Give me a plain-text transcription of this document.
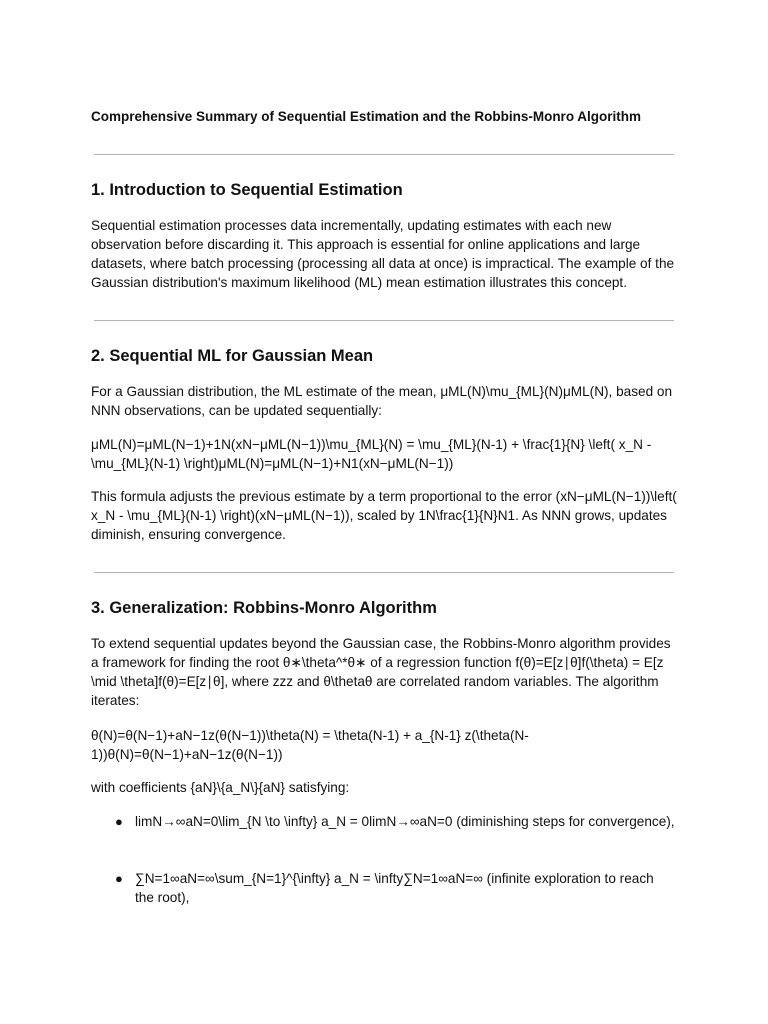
Comprehensive Summary of Sequential Estimation and the Robbins-Monro Algorithm
1. Introduction to Sequential Estimation

Sequential estimation processes data incrementally, updating estimates with each new observation before discarding it. This approach is essential for online applications and large datasets, where batch processing (processing all data at once) is impractical. The example of the Gaussian distribution's maximum likelihood (ML) mean estimation illustrates this concept.

2. Sequential ML for Gaussian Mean

For a Gaussian distribution, the ML estimate of the mean, μML(N)\mu_{ML}(N)μML(N), based on NNN observations, can be updated sequentially:

μML(N)=μML(N−1)+1N(xN−μML(N−1))\mu_{ML}(N) = \mu_{ML}(N-1) + \frac{1}{N} \left( x_N - \mu_{ML}(N-1) \right)μML(N)=μML(N−1)+N1(xN−μML(N−1))

This formula adjusts the previous estimate by a term proportional to the error (xN−μML(N−1))\left( x_N - \mu_{ML}(N-1) \right)(xN−μML(N−1)), scaled by 1N\frac{1}{N}N1. As NNN grows, updates diminish, ensuring convergence.

3. Generalization: Robbins-Monro Algorithm

To extend sequential updates beyond the Gaussian case, the Robbins-Monro algorithm provides a framework for finding the root θ∗\theta^*θ∗ of a regression function f(θ)=E[z∣θ]f(\theta) = E[z \mid \theta]f(θ)=E[z∣θ], where zzz and θ\thetaθ are correlated random variables. The algorithm iterates:

θ(N)=θ(N−1)+aN−1z(θ(N−1))\theta(N) = \theta(N-1) + a_{N-1} z(\theta(N-1))θ(N)=θ(N−1)+aN−1z(θ(N−1))

with coefficients {aN}\{a_N\}{aN} satisfying:

● limN→∞aN=0\lim_{N \to \infty} a_N = 0limN→∞aN=0 (diminishing steps for convergence),

● ∑N=1∞aN=∞\sum_{N=1}^{\infty} a_N = \infty∑N=1∞aN=∞ (infinite exploration to reach the root),
